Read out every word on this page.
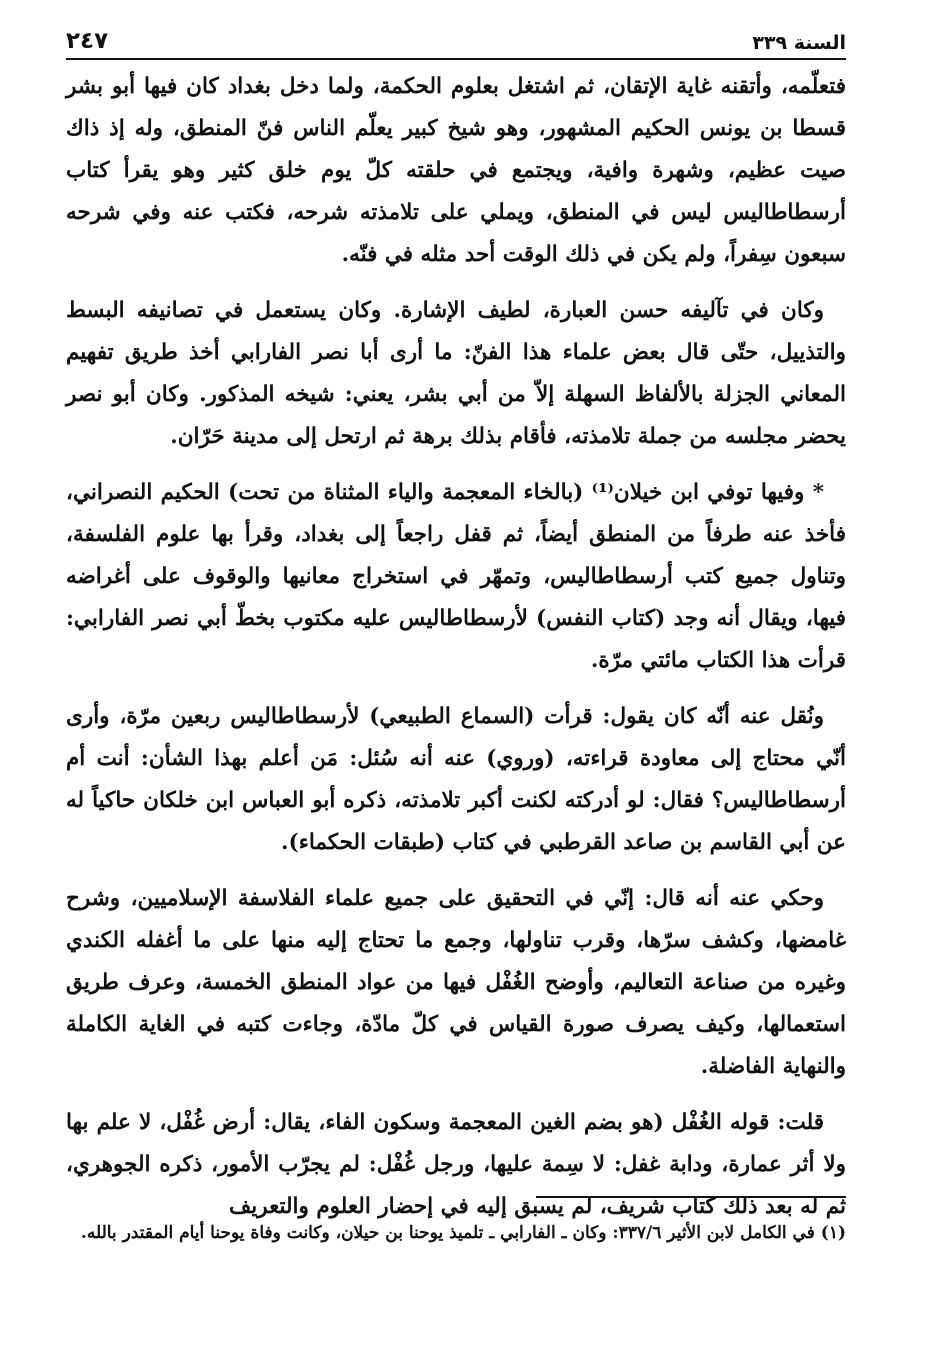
السنة ٣٣٩
٢٤٧

فتعلّمه، وأتقنه غاية الإتقان، ثم اشتغل بعلوم الحكمة، ولما دخل بغداد كان فيها أبو بشر قسطا بن يونس الحكيم المشهور، وهو شيخ كبير يعلّم الناس فنّ المنطق، وله إذ ذاك صيت عظيم، وشهرة وافية، ويجتمع في حلقته كلّ يوم خلق كثير وهو يقرأ كتاب أرسطاطاليس ليس في المنطق، ويملي على تلامذته شرحه، فكتب عنه وفي شرحه سبعون سِفراً، ولم يكن في ذلك الوقت أحد مثله في فنّه.

وكان في تآليفه حسن العبارة، لطيف الإشارة. وكان يستعمل في تصانيفه البسط والتذييل، حتّى قال بعض علماء هذا الفنّ: ما أرى أبا نصر الفارابي أخذ طريق تفهيم المعاني الجزلة بالألفاظ السهلة إلاّ من أبي بشر، يعني: شيخه المذكور. وكان أبو نصر يحضر مجلسه من جملة تلامذته، فأقام بذلك برهة ثم ارتحل إلى مدينة حَرّان.

* وفيها توفي ابن خيلان⁽¹⁾ (بالخاء المعجمة والياء المثناة من تحت) الحكيم النصراني، فأخذ عنه طرفاً من المنطق أيضاً، ثم قفل راجعاً إلى بغداد، وقرأ بها علوم الفلسفة، وتناول جميع كتب أرسطاطاليس، وتمهّر في استخراج معانيها والوقوف على أغراضه فيها، ويقال أنه وجد (كتاب النفس) لأرسطاطاليس عليه مكتوب بخطّ أبي نصر الفارابي: قرأت هذا الكتاب مائتي مرّة.

ونُقل عنه أنّه كان يقول: قرأت (السماع الطبيعي) لأرسطاطاليس ربعين مرّة، وأرى أنّي محتاج إلى معاودة قراءته، (وروي) عنه أنه سُئل: مَن أعلم بهذا الشأن: أنت أم أرسطاطاليس؟ فقال: لو أدركته لكنت أكبر تلامذته، ذكره أبو العباس ابن خلكان حاكياً له عن أبي القاسم بن صاعد القرطبي في كتاب (طبقات الحكماء).

وحكي عنه أنه قال: إنّي في التحقيق على جميع علماء الفلاسفة الإسلاميين، وشرح غامضها، وكشف سرّها، وقرب تناولها، وجمع ما تحتاج إليه منها على ما أغفله الكندي وغيره من صناعة التعاليم، وأوضح الغُفْل فيها من عواد المنطق الخمسة، وعرف طريق استعمالها، وكيف يصرف صورة القياس في كلّ مادّة، وجاءت كتبه في الغاية الكاملة والنهاية الفاضلة.

قلت: قوله الغُفْل (هو بضم الغين المعجمة وسكون الفاء، يقال: أرض غُفْل، لا علم بها ولا أثر عمارة، ودابة غفل: لا سِمة عليها، ورجل غُفْل: لم يجرّب الأمور، ذكره الجوهري، ثم له بعد ذلك كتاب شريف، لم يسبق إليه في إحضار العلوم والتعريف

(١) في الكامل لابن الأثير ٣٣٧/٦: وكان ـ الفارابي ـ تلميذ يوحنا بن حيلان، وكانت وفاة يوحنا أيام المقتدر بالله.
